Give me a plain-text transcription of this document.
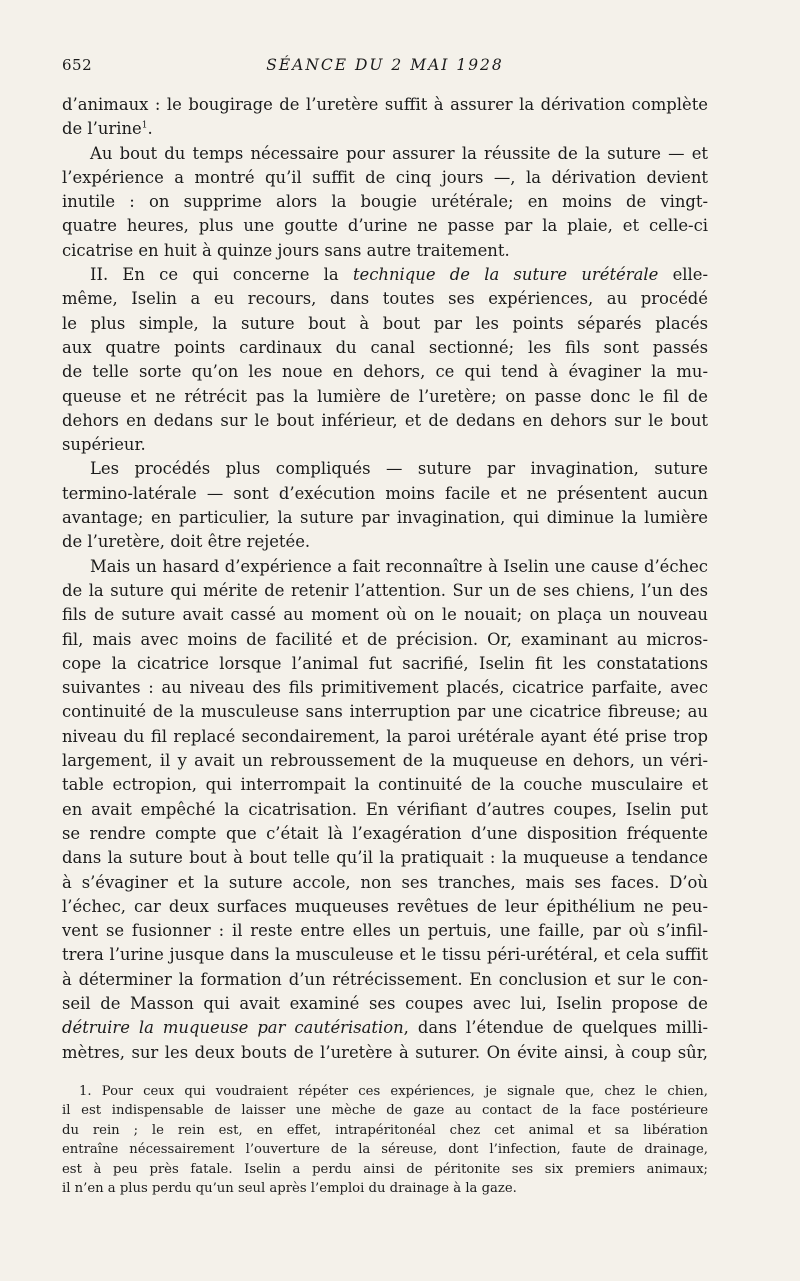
652	SÉANCE DU 2 MAI 1928
d’animaux : le bougirage de l’uretère suffit à assurer la dérivation complète
de l’urine$^1$.
Au bout du temps nécessaire pour assurer la réussite de la suture — et
l’expérience a montré qu’il suffit de cinq jours —, la dérivation devient
inutile : on supprime alors la bougie urétérale; en moins de vingt-
quatre heures, plus une goutte d’urine ne passe par la plaie, et celle-ci
cicatrise en huit à quinze jours sans autre traitement.
II. En ce qui concerne la technique de la suture urétérale elle-
même, Iselin a eu recours, dans toutes ses expériences, au procédé
le plus simple, la suture bout à bout par les points séparés placés
aux quatre points cardinaux du canal sectionné; les fils sont passés
de telle sorte qu’on les noue en dehors, ce qui tend à évaginer la mu-
queuse et ne rétrécit pas la lumière de l’uretère; on passe donc le fil de
dehors en dedans sur le bout inférieur, et de dedans en dehors sur le bout
supérieur.
Les procédés plus compliqués — suture par invagination, suture
termino-latérale — sont d’exécution moins facile et ne présentent aucun
avantage; en particulier, la suture par invagination, qui diminue la lumière
de l’uretère, doit être rejetée.
Mais un hasard d’expérience a fait reconnaître à Iselin une cause d’échec
de la suture qui mérite de retenir l’attention. Sur un de ses chiens, l’un des
fils de suture avait cassé au moment où on le nouait; on plaça un nouveau
fil, mais avec moins de facilité et de précision. Or, examinant au micros-
cope la cicatrice lorsque l’animal fut sacrifié, Iselin fit les constatations
suivantes : au niveau des fils primitivement placés, cicatrice parfaite, avec
continuité de la musculeuse sans interruption par une cicatrice fibreuse; au
niveau du fil replacé secondairement, la paroi urétérale ayant été prise trop
largement, il y avait un rebroussement de la muqueuse en dehors, un véri-
table ectropion, qui interrompait la continuité de la couche musculaire et
en avait empêché la cicatrisation. En vérifiant d’autres coupes, Iselin put
se rendre compte que c’était là l’exagération d’une disposition fréquente
dans la suture bout à bout telle qu’il la pratiquait : la muqueuse a tendance
à s’évaginer et la suture accole, non ses tranches, mais ses faces. D’où
l’échec, car deux surfaces muqueuses revêtues de leur épithélium ne peu-
vent se fusionner : il reste entre elles un pertuis, une faille, par où s’infil-
trera l’urine jusque dans la musculeuse et le tissu péri-urétéral, et cela suffit
à déterminer la formation d’un rétrécissement. En conclusion et sur le con-
seil de Masson qui avait examiné ses coupes avec lui, Iselin propose de
détruire la muqueuse par cautérisation, dans l’étendue de quelques milli-
mètres, sur les deux bouts de l’uretère à suturer. On évite ainsi, à coup sûr,
1. Pour ceux qui voudraient répéter ces expériences, je signale que, chez le chien,
il est indispensable de laisser une mèche de gaze au contact de la face postérieure
du rein ; le rein est, en effet, intrapéritonéal chez cet animal et sa libération
entraîne nécessairement l’ouverture de la séreuse, dont l’infection, faute de drainage,
est à peu près fatale. Iselin a perdu ainsi de péritonite ses six premiers animaux;
il n’en a plus perdu qu’un seul après l’emploi du drainage à la gaze.
